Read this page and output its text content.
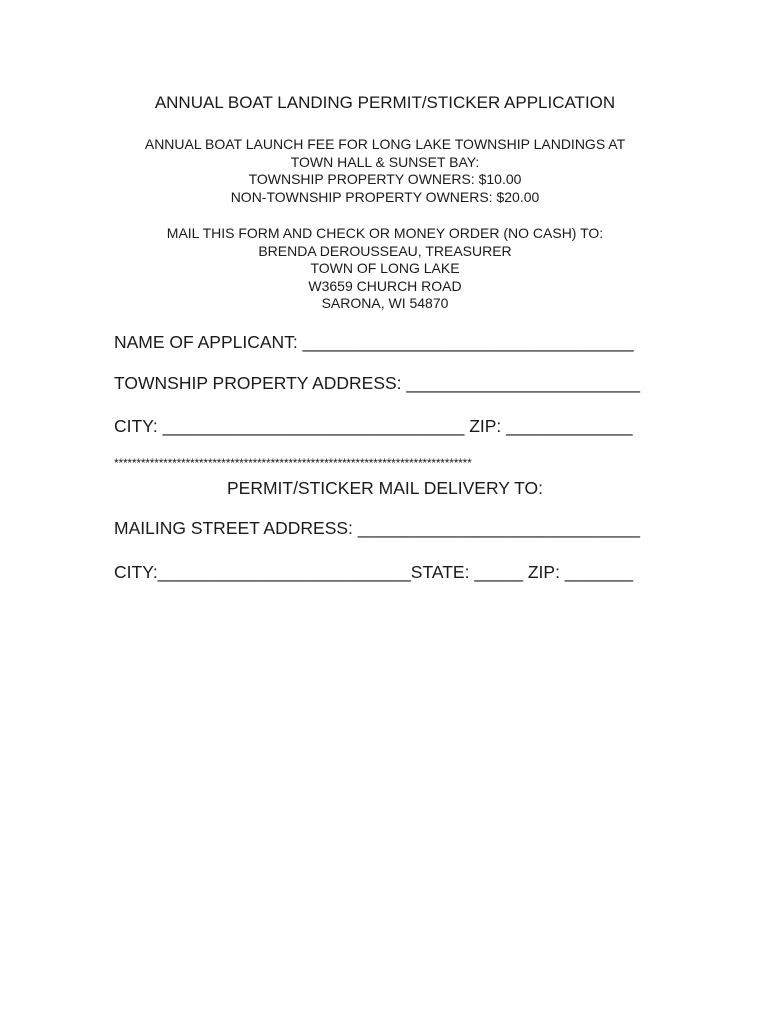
ANNUAL BOAT LANDING PERMIT/STICKER APPLICATION
ANNUAL BOAT LAUNCH FEE FOR LONG LAKE TOWNSHIP LANDINGS AT
TOWN HALL & SUNSET BAY:
TOWNSHIP PROPERTY OWNERS: $10.00
NON-TOWNSHIP PROPERTY OWNERS: $20.00
MAIL THIS FORM AND CHECK OR MONEY ORDER (NO CASH) TO:
BRENDA DEROUSSEAU, TREASURER
TOWN OF LONG LAKE
W3659 CHURCH ROAD
SARONA, WI 54870
NAME OF APPLICANT: __________________________________
TOWNSHIP PROPERTY ADDRESS: ________________________
CITY: _______________________________ ZIP: _____________
********************************************************************************
PERMIT/STICKER MAIL DELIVERY TO:
MAILING STREET ADDRESS: _____________________________
CITY:__________________________STATE: _____ ZIP: _______
